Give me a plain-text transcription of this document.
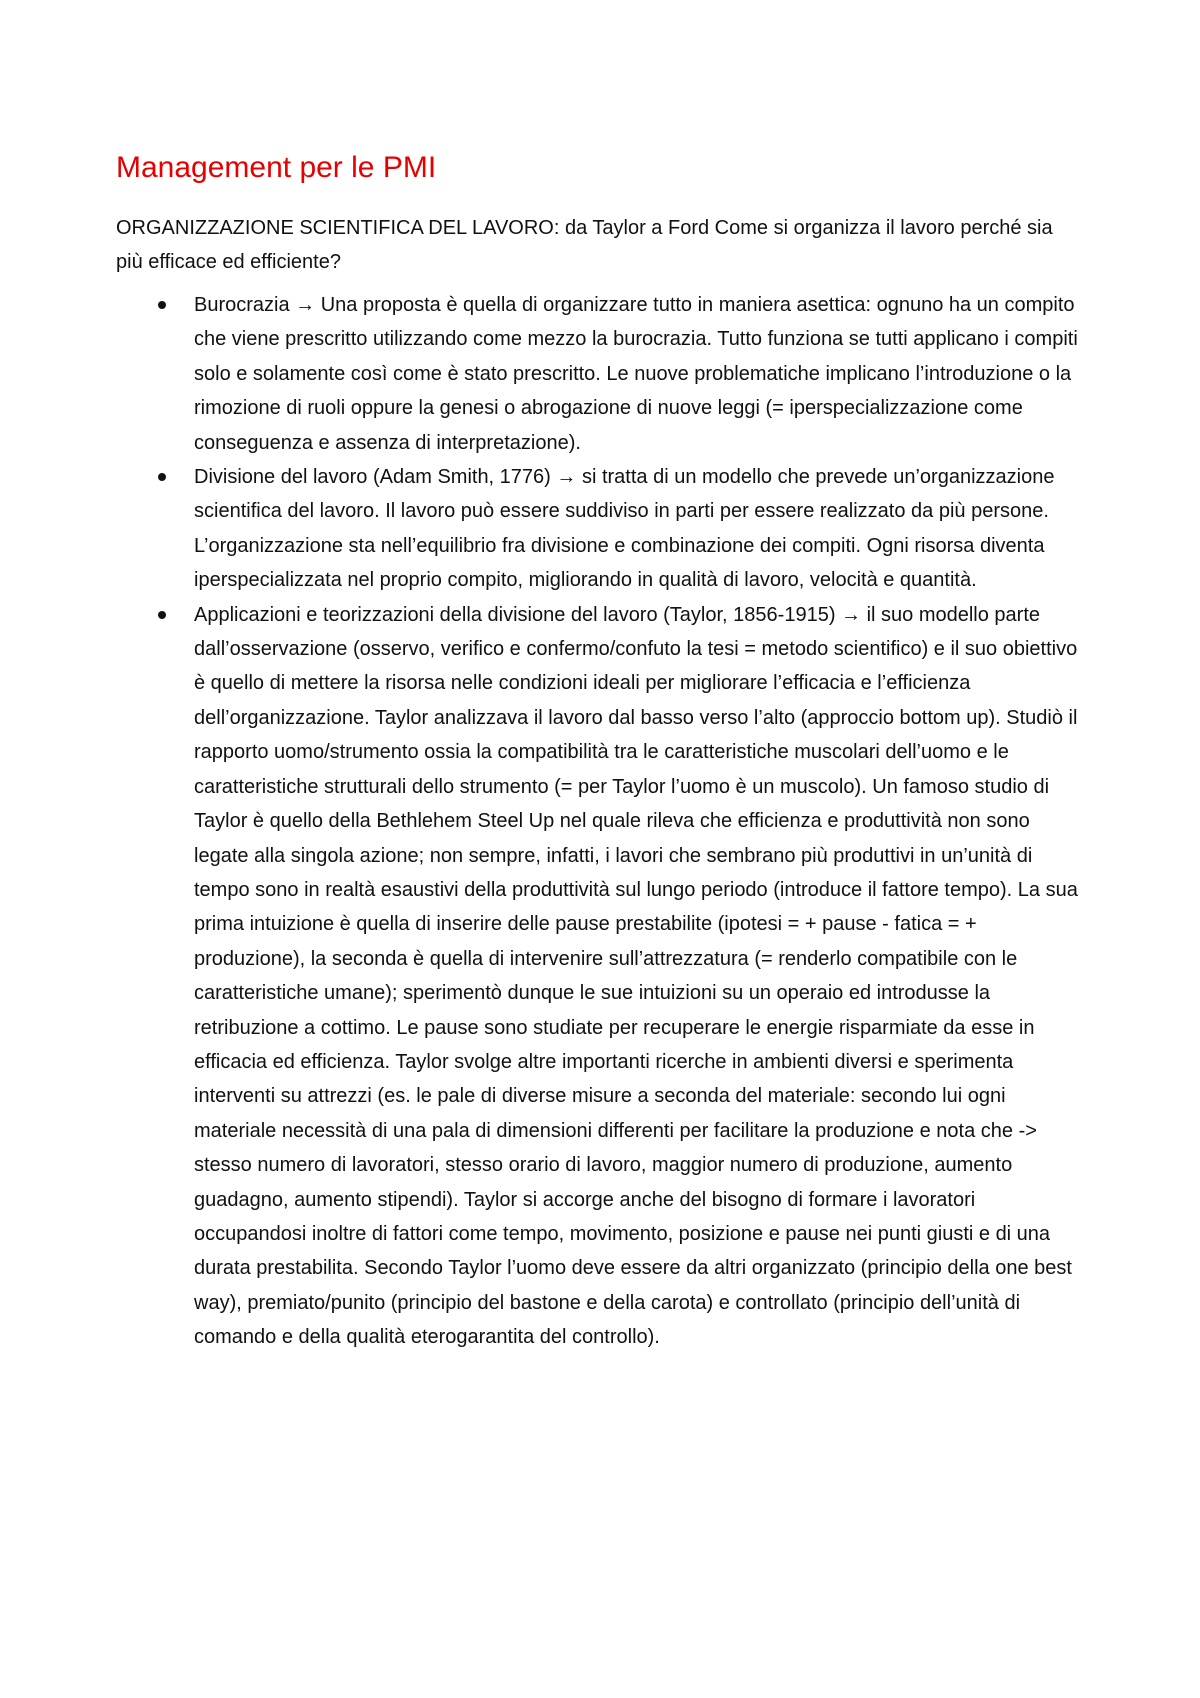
Management per le PMI

ORGANIZZAZIONE SCIENTIFICA DEL LAVORO: da Taylor a Ford Come si organizza il lavoro perché sia più efficace ed efficiente?

Burocrazia → Una proposta è quella di organizzare tutto in maniera asettica: ognuno ha un compito che viene prescritto utilizzando come mezzo la burocrazia. Tutto funziona se tutti applicano i compiti solo e solamente così come è stato prescritto. Le nuove problematiche implicano l’introduzione o la rimozione di ruoli oppure la genesi o abrogazione di nuove leggi (= iperspecializzazione come conseguenza e assenza di interpretazione).
Divisione del lavoro (Adam Smith, 1776) → si tratta di un modello che prevede un’organizzazione scientifica del lavoro. Il lavoro può essere suddiviso in parti per essere realizzato da più persone. L’organizzazione sta nell’equilibrio fra divisione e combinazione dei compiti. Ogni risorsa diventa iperspecializzata nel proprio compito, migliorando in qualità di lavoro, velocità e quantità.
Applicazioni e teorizzazioni della divisione del lavoro (Taylor, 1856-1915) → il suo modello parte dall’osservazione (osservo, verifico e confermo/confuto la tesi = metodo scientifico) e il suo obiettivo è quello di mettere la risorsa nelle condizioni ideali per migliorare l’efficacia e l’efficienza dell’organizzazione. Taylor analizzava il lavoro dal basso verso l’alto (approccio bottom up). Studiò il rapporto uomo/strumento ossia la compatibilità tra le caratteristiche muscolari dell’uomo e le caratteristiche strutturali dello strumento (= per Taylor l’uomo è un muscolo). Un famoso studio di Taylor è quello della Bethlehem Steel Up nel quale rileva che efficienza e produttività non sono legate alla singola azione; non sempre, infatti, i lavori che sembrano più produttivi in un’unità di tempo sono in realtà esaustivi della produttività sul lungo periodo (introduce il fattore tempo). La sua prima intuizione è quella di inserire delle pause prestabilite (ipotesi = + pause - fatica = + produzione), la seconda è quella di intervenire sull’attrezzatura (= renderlo compatibile con le caratteristiche umane); sperimentò dunque le sue intuizioni su un operaio ed introdusse la retribuzione a cottimo. Le pause sono studiate per recuperare le energie risparmiate da esse in efficacia ed efficienza. Taylor svolge altre importanti ricerche in ambienti diversi e sperimenta interventi su attrezzi (es. le pale di diverse misure a seconda del materiale: secondo lui ogni materiale necessità di una pala di dimensioni differenti per facilitare la produzione e nota che -> stesso numero di lavoratori, stesso orario di lavoro, maggior numero di produzione, aumento guadagno, aumento stipendi). Taylor si accorge anche del bisogno di formare i lavoratori occupandosi inoltre di fattori come tempo, movimento, posizione e pause nei punti giusti e di una durata prestabilita. Secondo Taylor l’uomo deve essere da altri organizzato (principio della one best way), premiato/punito (principio del bastone e della carota) e controllato (principio dell’unità di comando e della qualità eterogarantita del controllo).
